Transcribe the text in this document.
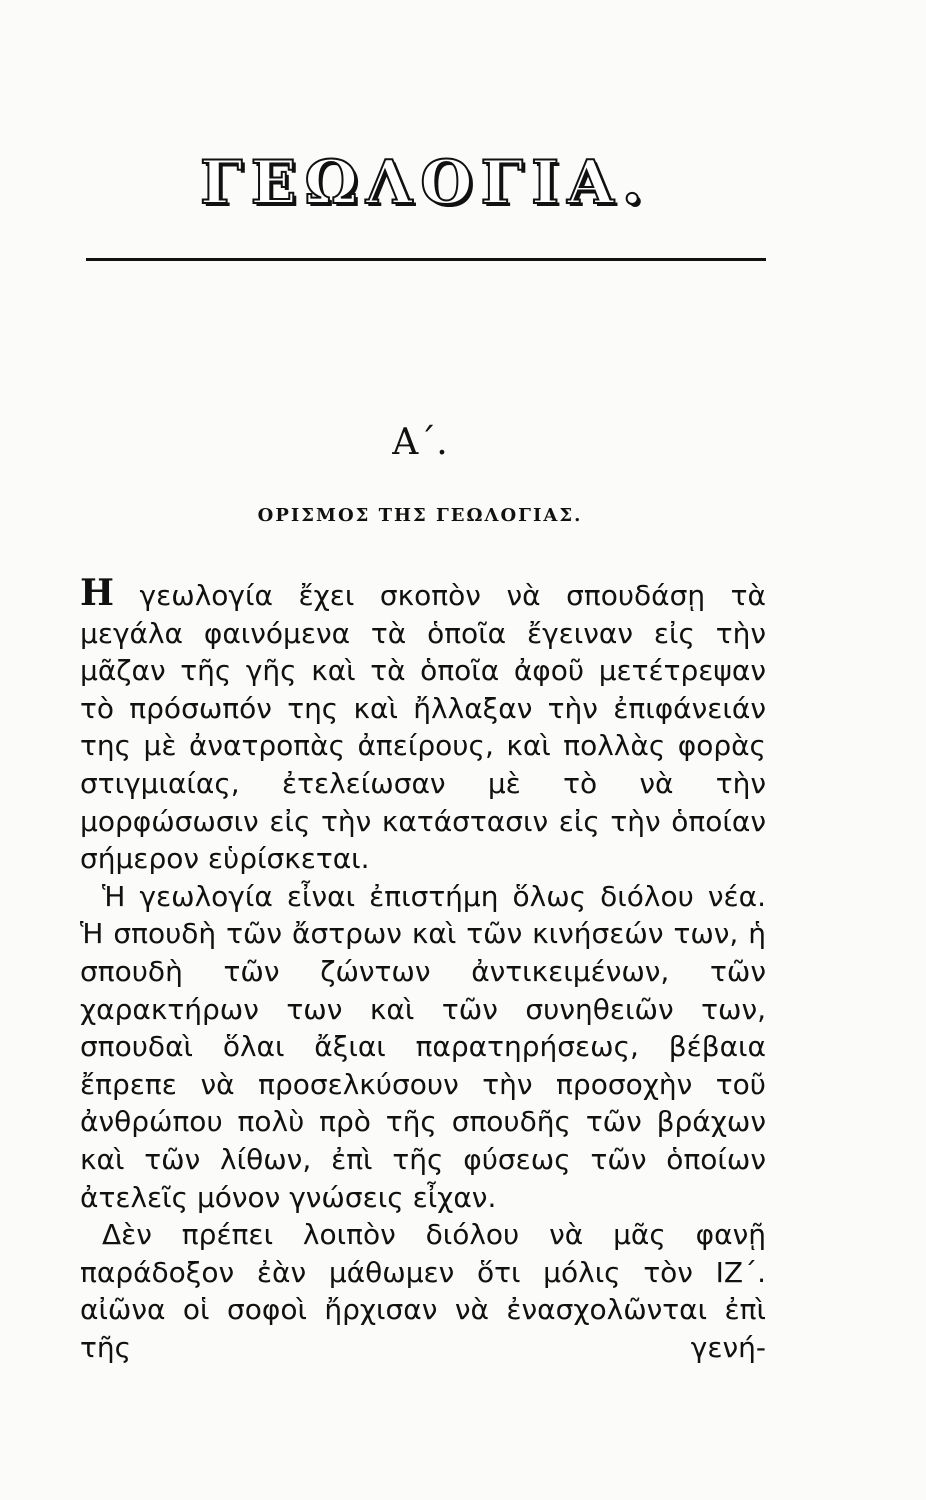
ΓΕΩΛΟΓΙΑ.
Α΄.
ΟΡΙΣΜΟΣ ΤΗΣ ΓΕΩΛΟΓΙΑΣ.

Η γεωλογία ἔχει σκοπὸν νὰ σπουδάσῃ τὰ μεγάλα φαινόμενα τὰ ὁποῖα ἔγειναν εἰς τὴν μᾶζαν τῆς γῆς καὶ τὰ ὁποῖα ἀφοῦ μετέτρεψαν τὸ πρόσωπόν της καὶ ἤλλαξαν τὴν ἐπιφάνειάν της μὲ ἀνατροπὰς ἀπείρους, καὶ πολλὰς φορὰς στιγμιαίας, ἐτελείωσαν μὲ τὸ νὰ τὴν μορφώσωσιν εἰς τὴν κατάστασιν εἰς τὴν ὁποίαν σήμερον εὑρίσκεται.

Ἡ γεωλογία εἶναι ἐπιστήμη ὅλως διόλου νέα. Ἡ σπουδὴ τῶν ἄστρων καὶ τῶν κινήσεών των, ἡ σπουδὴ τῶν ζώντων ἀντικειμένων, τῶν χαρακτήρων των καὶ τῶν συνηθειῶν των, σπουδαὶ ὅλαι ἄξιαι παρατηρήσεως, βέβαια ἔπρεπε νὰ προσελκύσουν τὴν προσοχὴν τοῦ ἀνθρώπου πολὺ πρὸ τῆς σπουδῆς τῶν βράχων καὶ τῶν λίθων, ἐπὶ τῆς φύσεως τῶν ὁποίων ἀτελεῖς μόνον γνώσεις εἶχαν.

Δὲν πρέπει λοιπὸν διόλου νὰ μᾶς φανῇ παράδοξον ἐὰν μάθωμεν ὅτι μόλις τὸν ΙΖ΄. αἰῶνα οἱ σοφοὶ ἤρχισαν νὰ ἐνασχολῶνται ἐπὶ τῆς γενή-
